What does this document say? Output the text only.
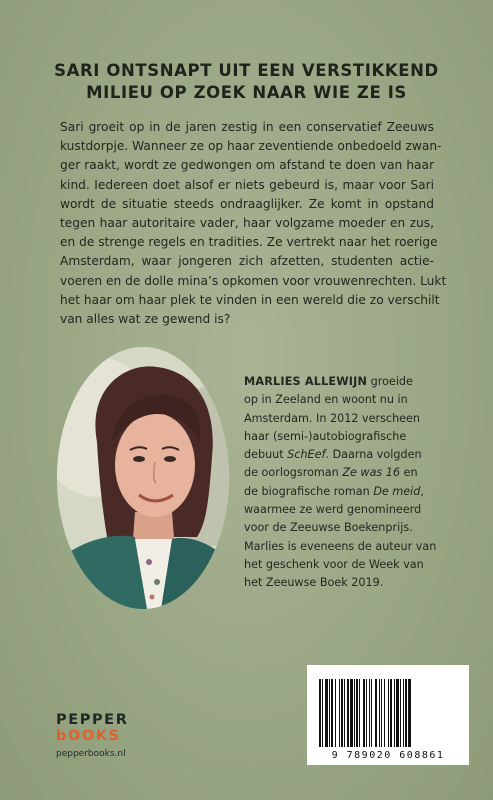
SARI ONTSNAPT UIT EEN VERSTIKKEND
MILIEU OP ZOEK NAAR WIE ZE IS
Sari groeit op in de jaren zestig in een conservatief Zeeuws
kustdorpje. Wanneer ze op haar zeventiende onbedoeld zwan-
ger raakt, wordt ze gedwongen om afstand te doen van haar
kind. Iedereen doet alsof er niets gebeurd is, maar voor Sari
wordt de situatie steeds ondraaglijker. Ze komt in opstand
tegen haar autoritaire vader, haar volgzame moeder en zus,
en de strenge regels en tradities. Ze vertrekt naar het roerige
Amsterdam, waar jongeren zich afzetten, studenten actie-
voeren en de dolle mina’s opkomen voor vrouwenrechten. Lukt
het haar om haar plek te vinden in een wereld die zo verschilt
van alles wat ze gewend is?
MARLIES ALLEWIJN groeide
op in Zeeland en woont nu in
Amsterdam. In 2012 verscheen
haar (semi-)autobiografische
debuut SchEef. Daarna volgden
de oorlogsroman Ze was 16 en
de biografische roman De meid,
waarmee ze werd genomineerd
voor de Zeeuwse Boekenprijs.
Marlies is eveneens de auteur van
het geschenk voor de Week van
het Zeeuwse Boek 2019.
9 789020 608861
PEPPER
bOOKS
pepperbooks.nl
